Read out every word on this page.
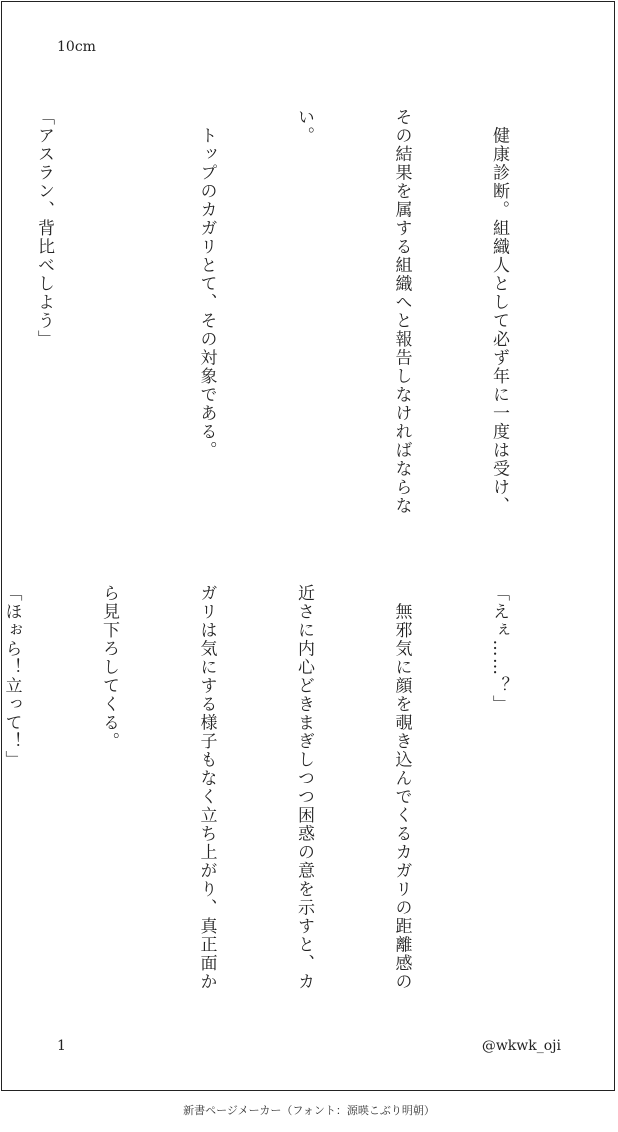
10cm

　健康診断。組織人として必ず年に一度は受け、

その結果を属する組織へと報告しなければならな

い。

　トップのカガリとて、その対象である。

「アスラン、背比べしよう」

「えぇ……？」

　無邪気に顔を覗き込んでくるカガリの距離感の

近さに内心どきまぎしつつ困惑の意を示すと、カ

ガリは気にする様子もなく立ち上がり、真正面か

ら見下ろしてくる。

「ほぉら！立って！」

1	@wkwk_oji
新書ページメーカー（フォント：源暎こぶり明朝）
